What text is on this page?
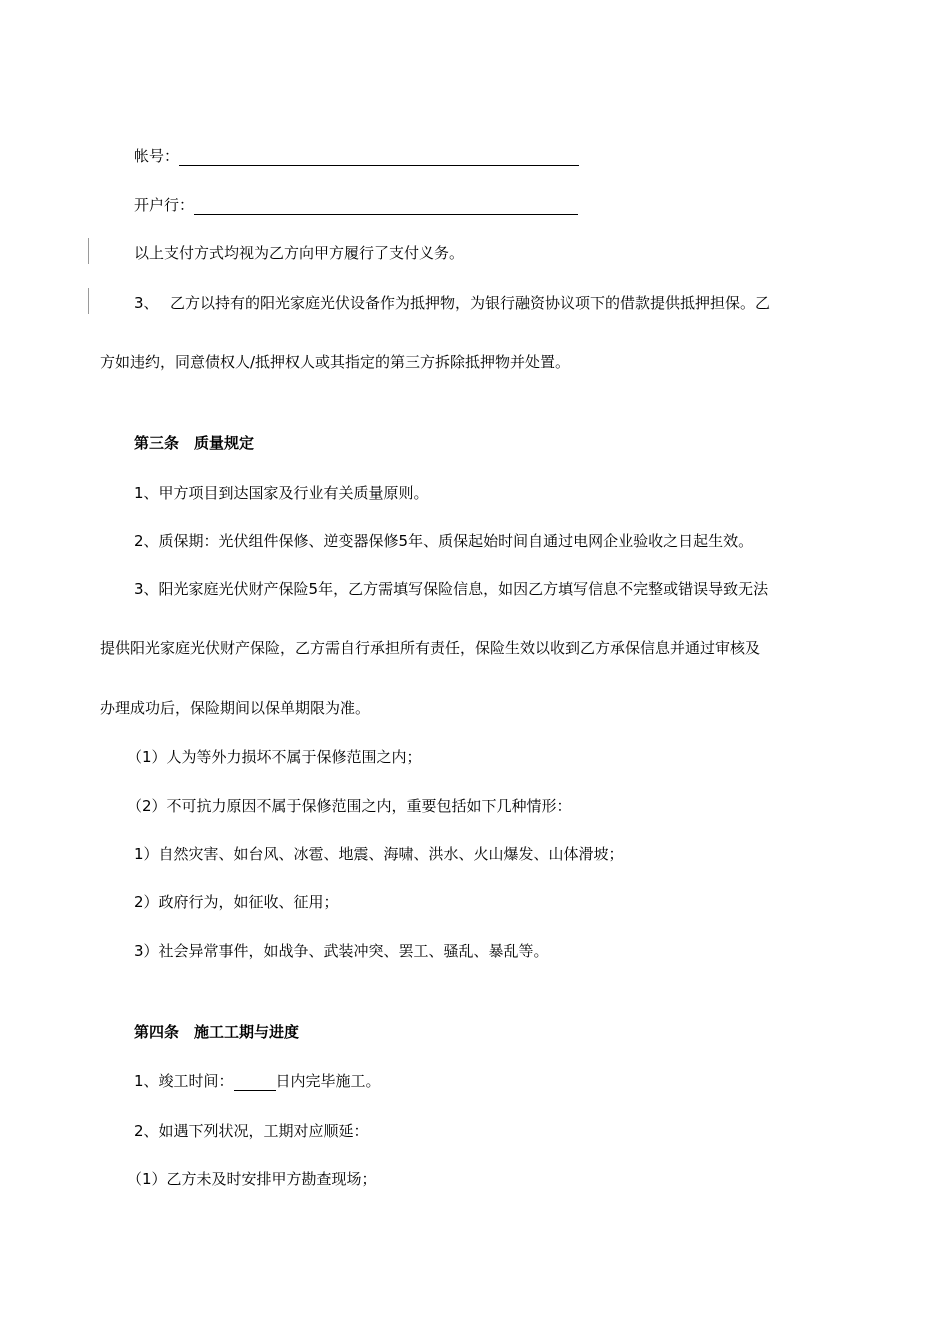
帐号：
开户行：
以上支付方式均视为乙方向甲方履行了支付义务。
3、 乙方以持有的阳光家庭光伏设备作为抵押物，为银行融资协议项下的借款提供抵押担保。乙
方如违约，同意债权人/抵押权人或其指定的第三方拆除抵押物并处置。
第三条　质量规定
1、甲方项目到达国家及行业有关质量原则。
2、质保期：光伏组件保修、逆变器保修5年、质保起始时间自通过电网企业验收之日起生效。
3、阳光家庭光伏财产保险5年，乙方需填写保险信息，如因乙方填写信息不完整或错误导致无法
提供阳光家庭光伏财产保险，乙方需自行承担所有责任，保险生效以收到乙方承保信息并通过审核及
办理成功后，保险期间以保单期限为准。
（1）人为等外力损坏不属于保修范围之内；
（2）不可抗力原因不属于保修范围之内，重要包括如下几种情形：
1）自然灾害、如台风、冰雹、地震、海啸、洪水、火山爆发、山体滑坡；
2）政府行为，如征收、征用；
3）社会异常事件，如战争、武装冲突、罢工、骚乱、暴乱等。
第四条　施工工期与进度
1、竣工时间：	日内完毕施工。
2、如遇下列状况，工期对应顺延：
（1）乙方未及时安排甲方勘查现场；
